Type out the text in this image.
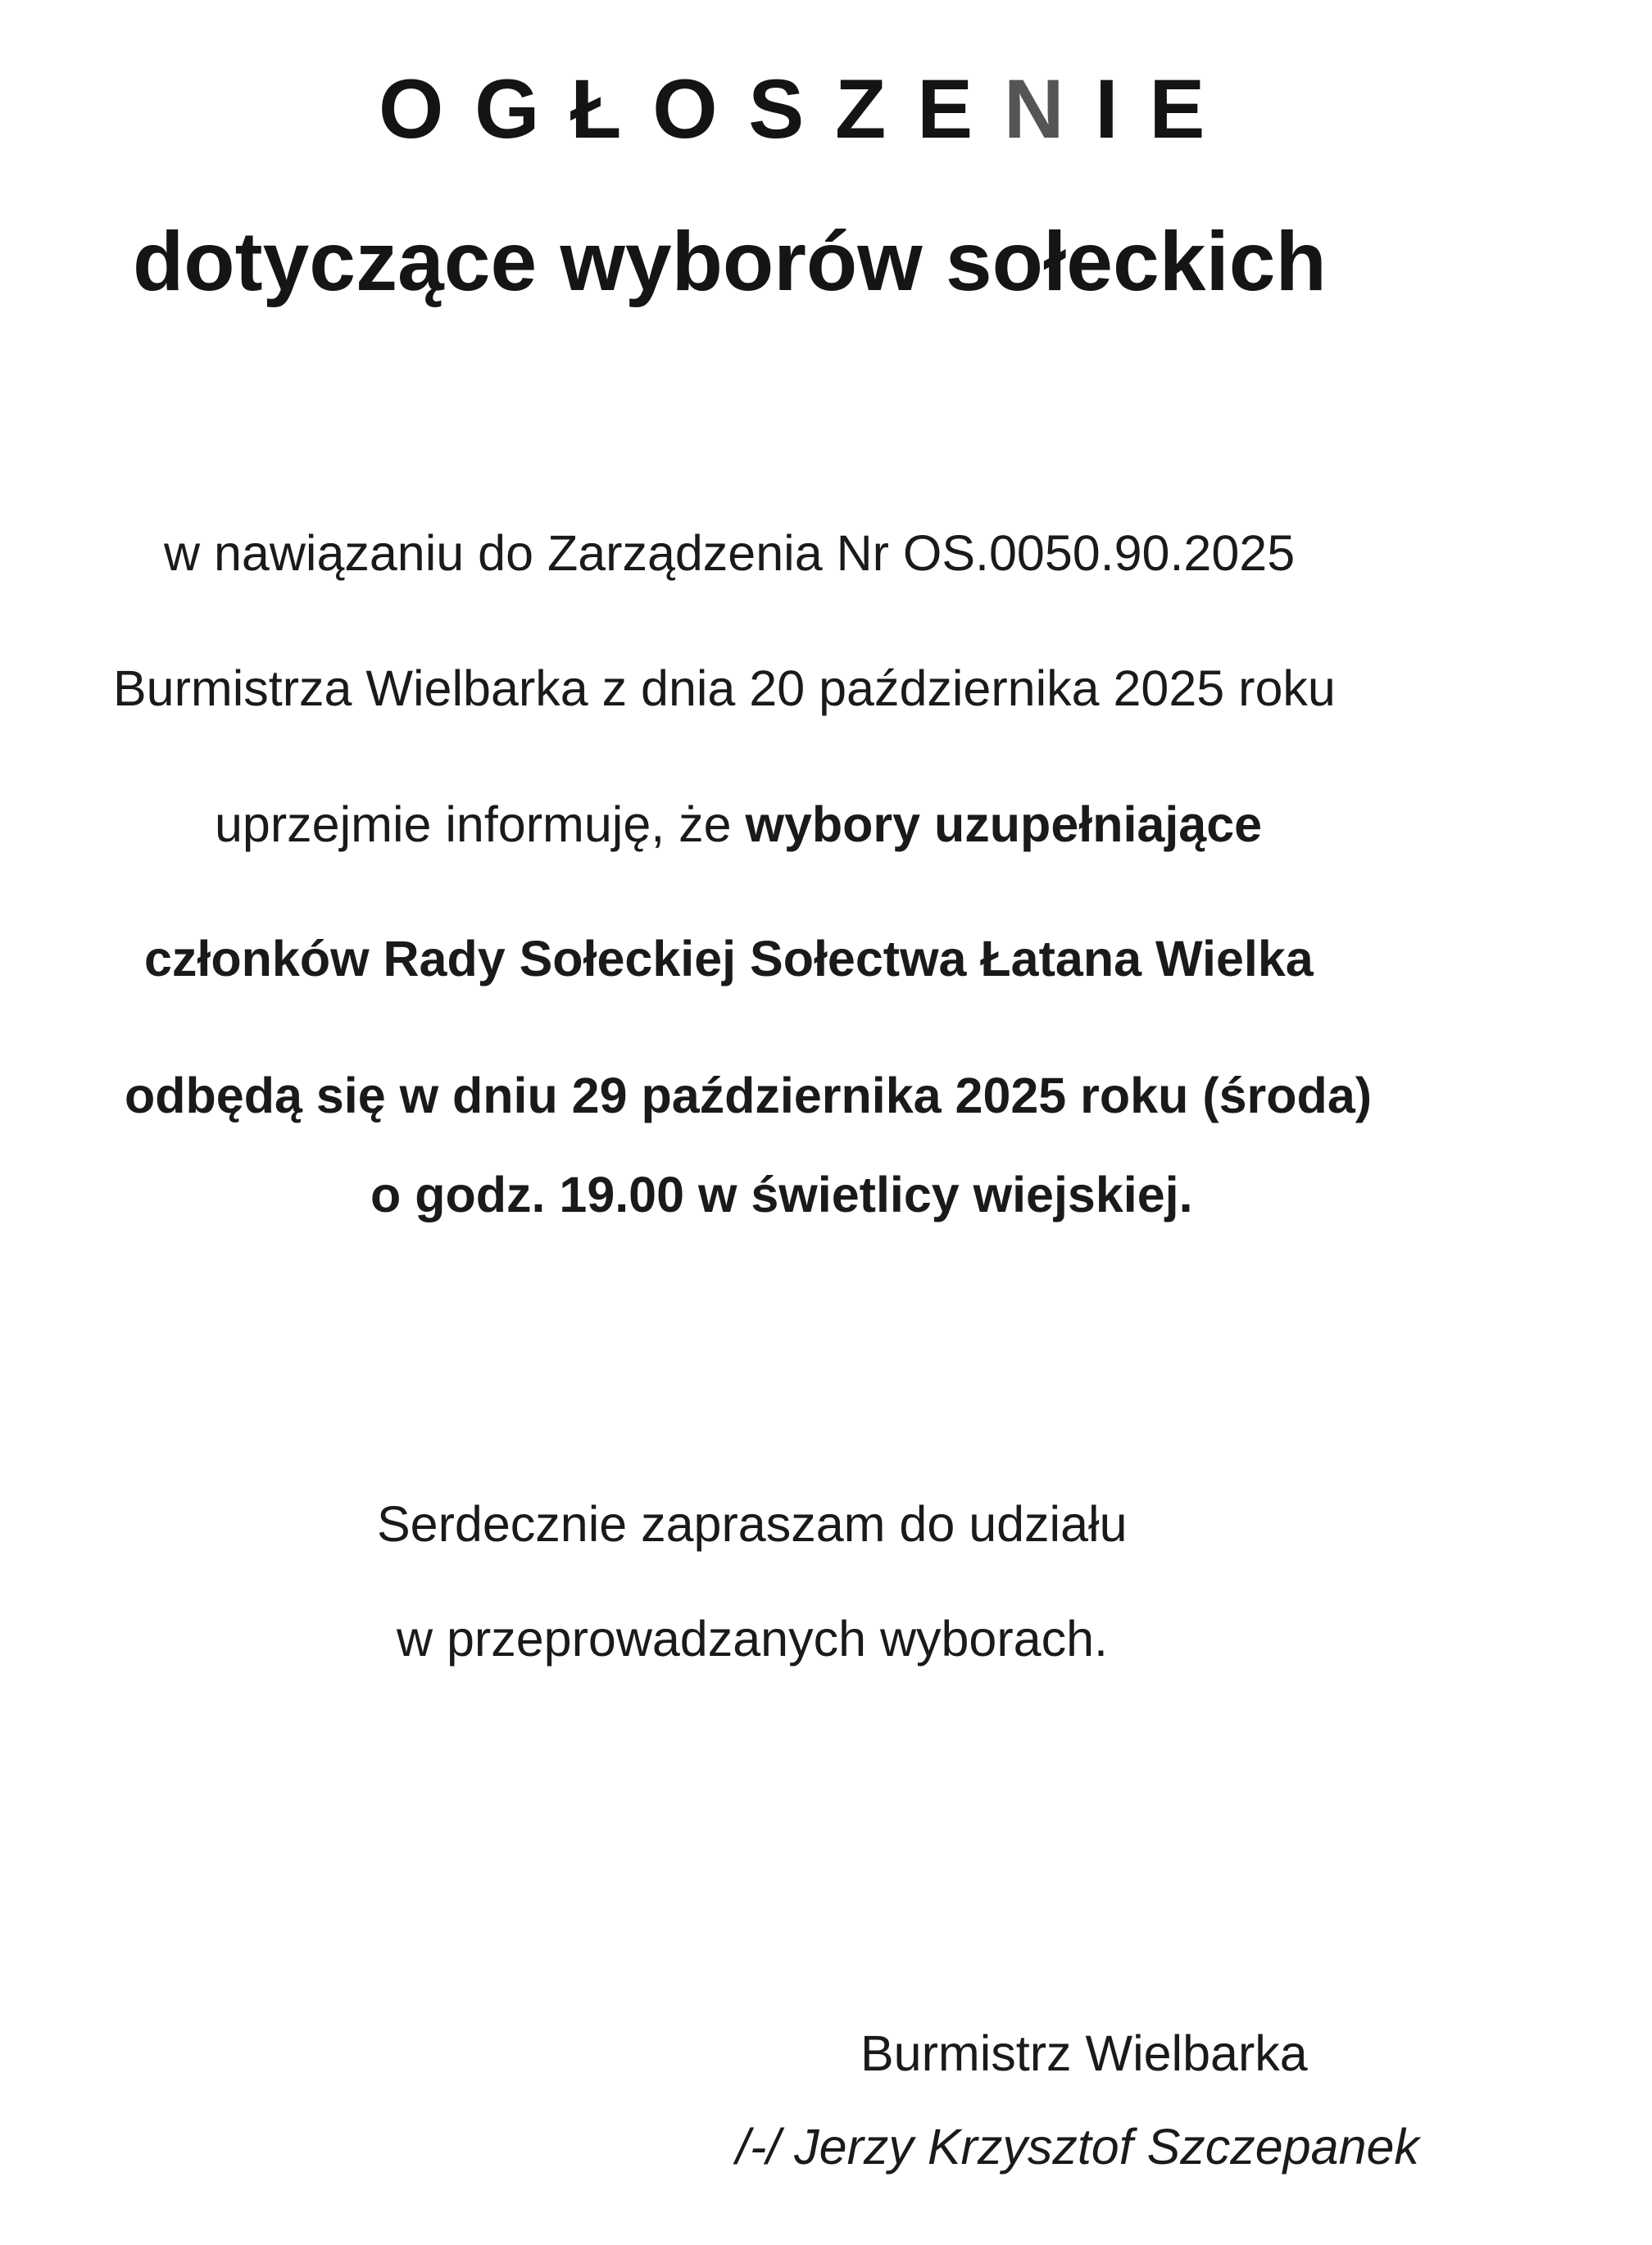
OGŁOSZENIE
dotyczące wyborów sołeckich

w nawiązaniu do Zarządzenia Nr OS.0050.90.2025

Burmistrza Wielbarka z dnia 20 października 2025 roku

uprzejmie informuję, że wybory uzupełniające

członków Rady Sołeckiej Sołectwa Łatana Wielka

odbędą się w dniu 29 października 2025 roku (środa)

o godz. 19.00 w świetlicy wiejskiej.

Serdecznie zapraszam do udziału

w przeprowadzanych wyborach.

Burmistrz Wielbarka

/-/ Jerzy Krzysztof Szczepanek
